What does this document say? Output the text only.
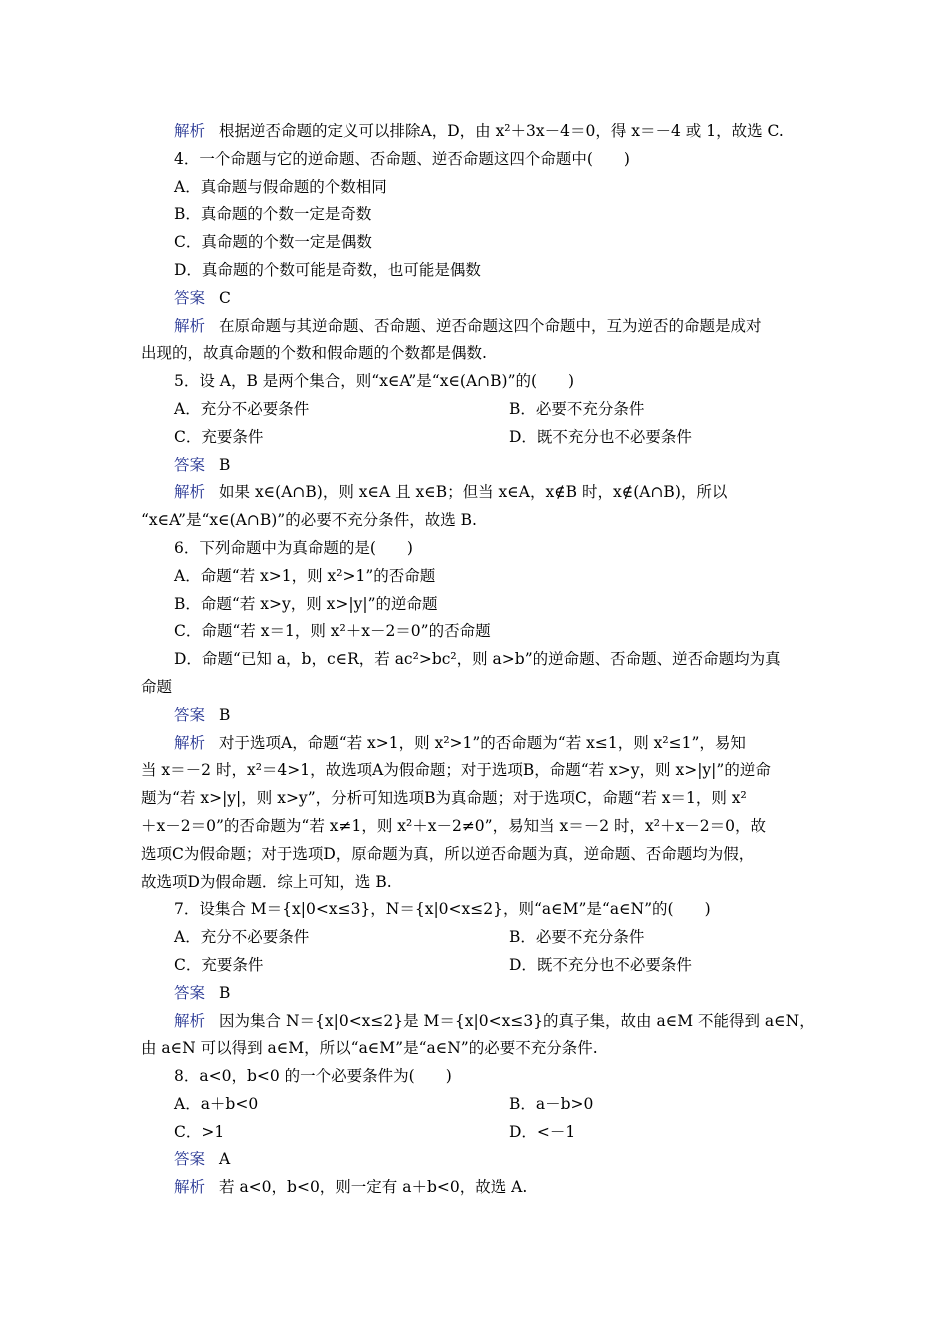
解析 根据逆否命题的定义可以排除A，D，由 x²＋3x－4＝0，得 x＝－4 或 1，故选 C.
4．一个命题与它的逆命题、否命题、逆否命题这四个命题中(　　)
A．真命题与假命题的个数相同
B．真命题的个数一定是奇数
C．真命题的个数一定是偶数
D．真命题的个数可能是奇数，也可能是偶数
答案 C
解析 在原命题与其逆命题、否命题、逆否命题这四个命题中，互为逆否的命题是成对
出现的，故真命题的个数和假命题的个数都是偶数.
5．设 A，B 是两个集合，则“x∈A”是“x∈(A∩B)”的(　　)
A．充分不必要条件	B．必要不充分条件
C．充要条件	D．既不充分也不必要条件
答案 B
解析 如果 x∈(A∩B)，则 x∈A 且 x∈B；但当 x∈A，x∉B 时，x∉(A∩B)，所以
“x∈A”是“x∈(A∩B)”的必要不充分条件，故选 B.
6．下列命题中为真命题的是(　　)
A．命题“若 x>1，则 x²>1”的否命题
B．命题“若 x>y，则 x>|y|”的逆命题
C．命题“若 x＝1，则 x²＋x－2＝0”的否命题
D．命题“已知 a，b，c∈R，若 ac²>bc²，则 a>b”的逆命题、否命题、逆否命题均为真
命题
答案 B
解析 对于选项A，命题“若 x>1，则 x²>1”的否命题为“若 x≤1，则 x²≤1”，易知
当 x＝－2 时，x²＝4>1，故选项A为假命题；对于选项B，命题“若 x>y，则 x>|y|”的逆命
题为“若 x>|y|，则 x>y”，分析可知选项B为真命题；对于选项C，命题“若 x＝1，则 x²
＋x－2＝0”的否命题为“若 x≠1，则 x²＋x－2≠0”，易知当 x＝－2 时，x²＋x－2＝0，故
选项C为假命题；对于选项D，原命题为真，所以逆否命题为真，逆命题、否命题均为假，
故选项D为假命题．综上可知，选 B.
7．设集合 M＝{x|0<x≤3}，N＝{x|0<x≤2}，则“a∈M”是“a∈N”的(　　)
A．充分不必要条件	B．必要不充分条件
C．充要条件	D．既不充分也不必要条件
答案 B
解析 因为集合 N＝{x|0<x≤2}是 M＝{x|0<x≤3}的真子集，故由 a∈M 不能得到 a∈N，
由 a∈N 可以得到 a∈M，所以“a∈M”是“a∈N”的必要不充分条件.
8．a<0，b<0 的一个必要条件为(　　)
A．a＋b<0	B．a－b>0
C．>1	D．<－1
答案 A
解析 若 a<0，b<0，则一定有 a＋b<0，故选 A.
